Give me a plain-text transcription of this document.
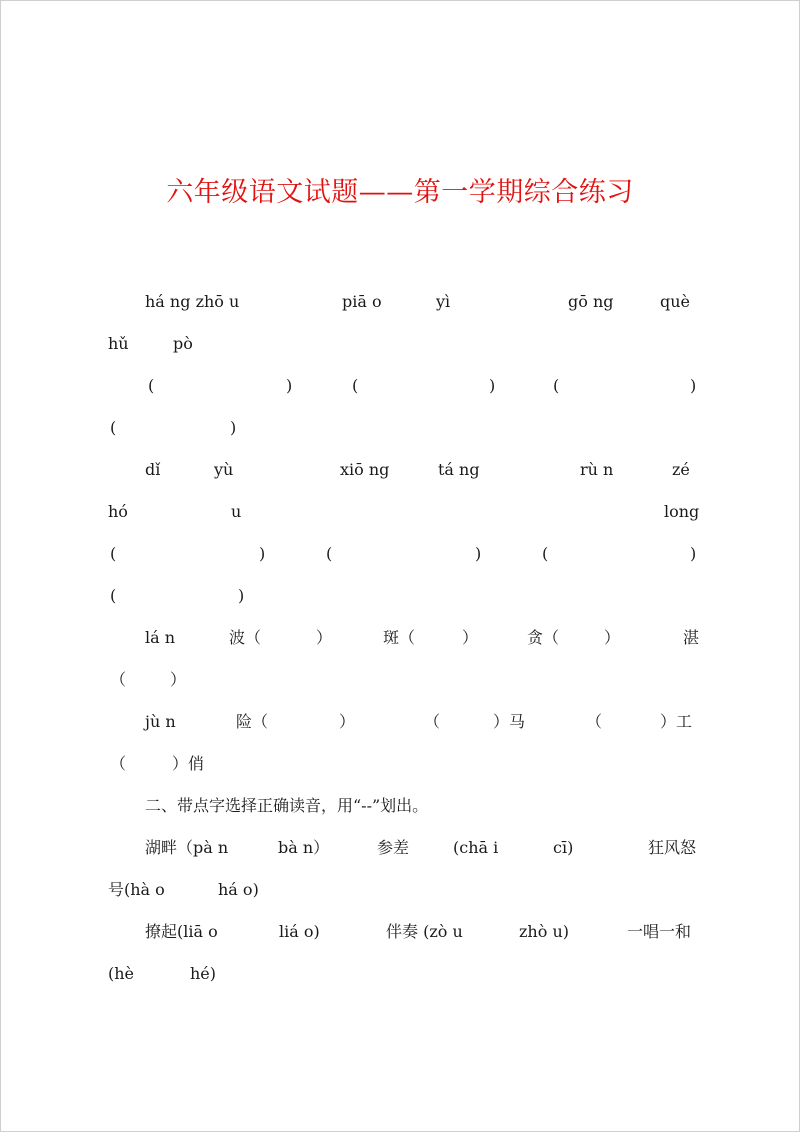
六年级语文试题——第一学期综合练习
há ng zhō u	piā o	yì	gō ng	què
hǔ	pò
(	)	(	)	(	)
(	)
dǐ	yù	xiō ng	tá ng	rù n	zé
hó	u	long
(	)	(	)	(	)
(	)
lá n	波（	）	斑（	）	贪（	）	湛
（	）
jù n	险（	）	（	）马	（	）工
（	）俏
二、带点字选择正确读音，用“--”划出。
湖畔（pà n	bà n）	参差	(chā i	cī)	狂风怒
号(hà o	há o)
撩起(liā o	liá o)	伴奏 (zò u	zhò u)	一唱一和
(hè	hé)
